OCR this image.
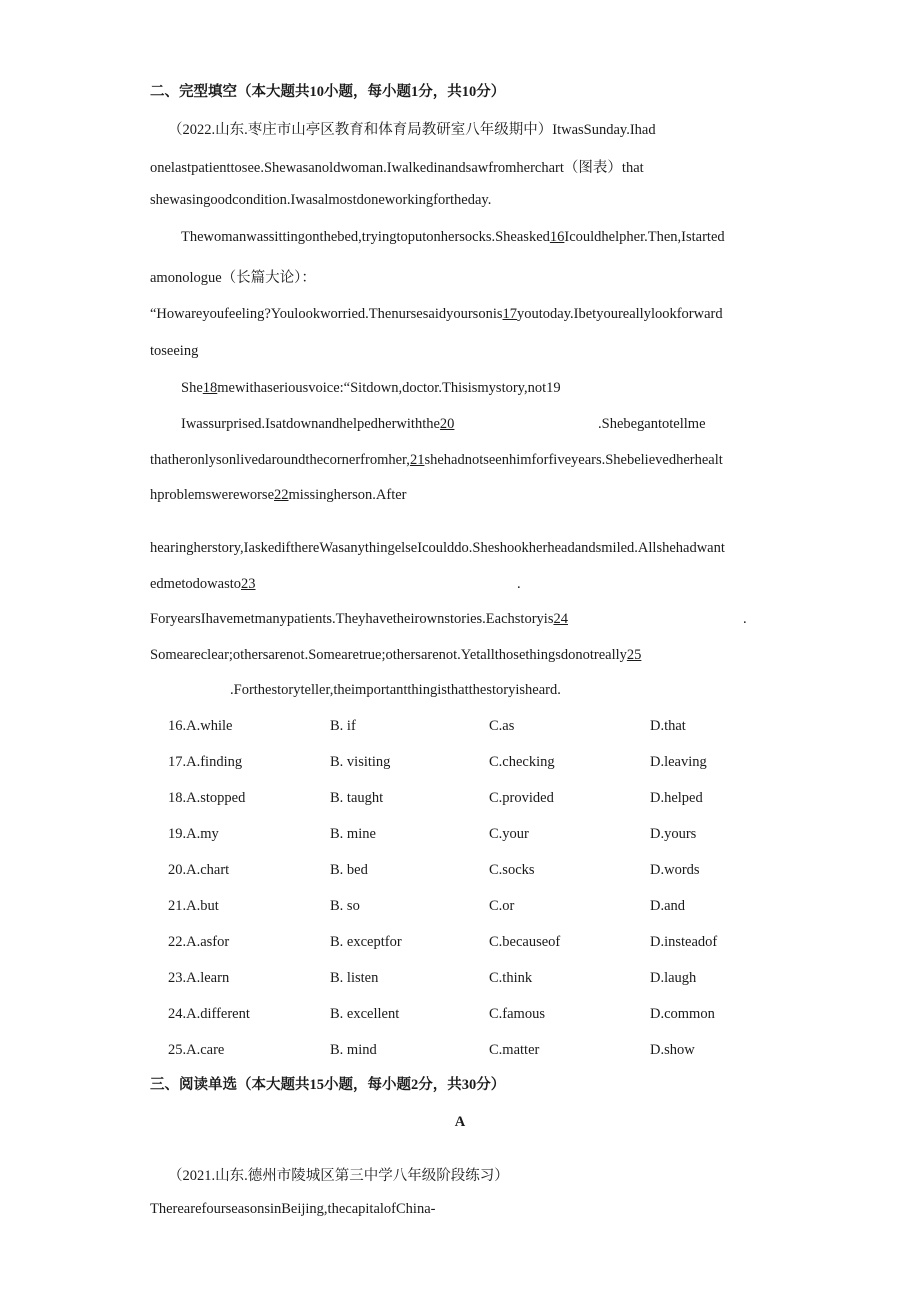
二、完型填空（本大题共10小题，每小题1分，共10分）
（2022.山东.枣庄市山亭区教育和体育局教研室八年级期中）ItwasSunday.Ihad
onelastpatienttosee.Shewasanoldwoman.Iwalkedinandsawfromherchart（图表）that
shewasingoodcondition.Iwasalmostdoneworkingfortheday.
Thewomanwassittingonthebed,tryingtoputonhersocks.Sheasked16Icouldhelpher.Then,Istarted
amonologue（长篇大论）：
“Howareyoufeeling?Youlookworried.Thenursesaidyoursonis17youtoday.Ibetyoureallylookforward
toseeing
She18mewithaseriousvoice:“Sitdown,doctor.Thisismystory,not19
Iwassurprised.Isatdownandhelpedherwiththe20	.Shebegantotellme
thatheronlysonlivedaroundthecornerfromher,21shehadnotseenhimforfiveyears.Shebelievedherhealt
hproblemswereworse22missingherson.After
hearingherstory,IaskedifthereWasanythingelseIcoulddo.Sheshookherheadandsmiled.Allshehadwant
edmetodowasto23	.
ForyearsIhavemetmanypatients.Theyhavetheirownstories.Eachstoryis24	.
Someareclear;othersarenot.Somearetrue;othersarenot.Yetallthosethingsdonotreally25
.Forthestoryteller,theimportantthingisthatthestoryisheard.
16.A.while	B. if	C.as	D.that
17.A.finding	B. visiting	C.checking	D.leaving
18.A.stopped	B. taught	C.provided	D.helped
19.A.my	B. mine	C.your	D.yours
20.A.chart	B. bed	C.socks	D.words
21.A.but	B. so	C.or	D.and
22.A.asfor	B. exceptfor	C.becauseof	D.insteadof
23.A.learn	B. listen	C.think	D.laugh
24.A.different	B. excellent	C.famous	D.common
25.A.care	B. mind	C.matter	D.show
三、阅读单选（本大题共15小题，每小题2分，共30分）
A
（2021.山东.德州市陵城区第三中学八年级阶段练习）
TherearefourseasonsinBeijing,thecapitalofChina-
